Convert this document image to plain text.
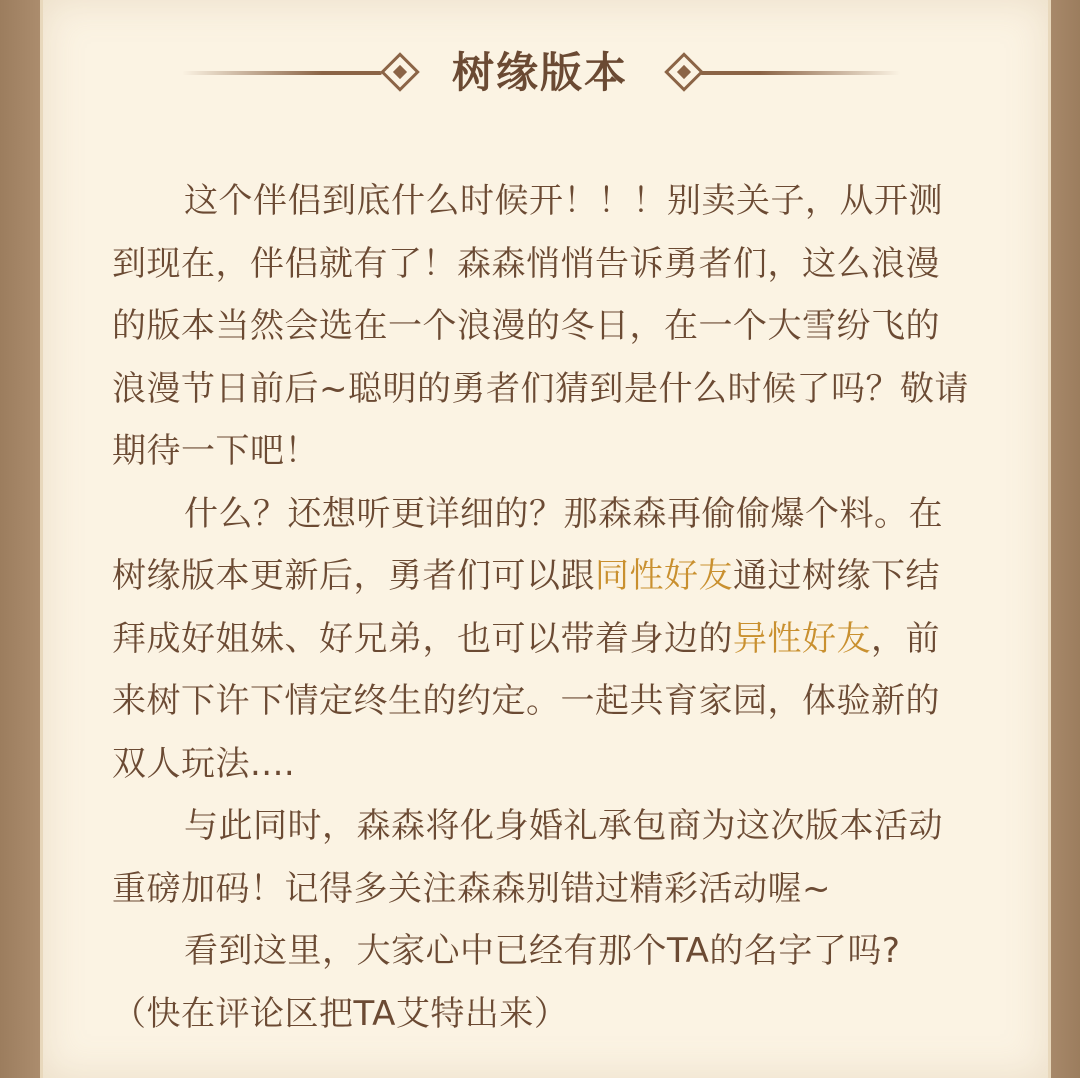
树缘版本

这个伴侣到底什么时候开！！！别卖关子，从开测到现在，伴侣就有了！森森悄悄告诉勇者们，这么浪漫的版本当然会选在一个浪漫的冬日，在一个大雪纷飞的浪漫节日前后~聪明的勇者们猜到是什么时候了吗？敬请期待一下吧！

什么？还想听更详细的？那森森再偷偷爆个料。在树缘版本更新后，勇者们可以跟同性好友通过树缘下结拜成好姐妹、好兄弟，也可以带着身边的异性好友，前来树下许下情定终生的约定。一起共育家园，体验新的双人玩法....

与此同时，森森将化身婚礼承包商为这次版本活动重磅加码！记得多关注森森别错过精彩活动喔~

看到这里，大家心中已经有那个TA的名字了吗?

（快在评论区把TA艾特出来）
